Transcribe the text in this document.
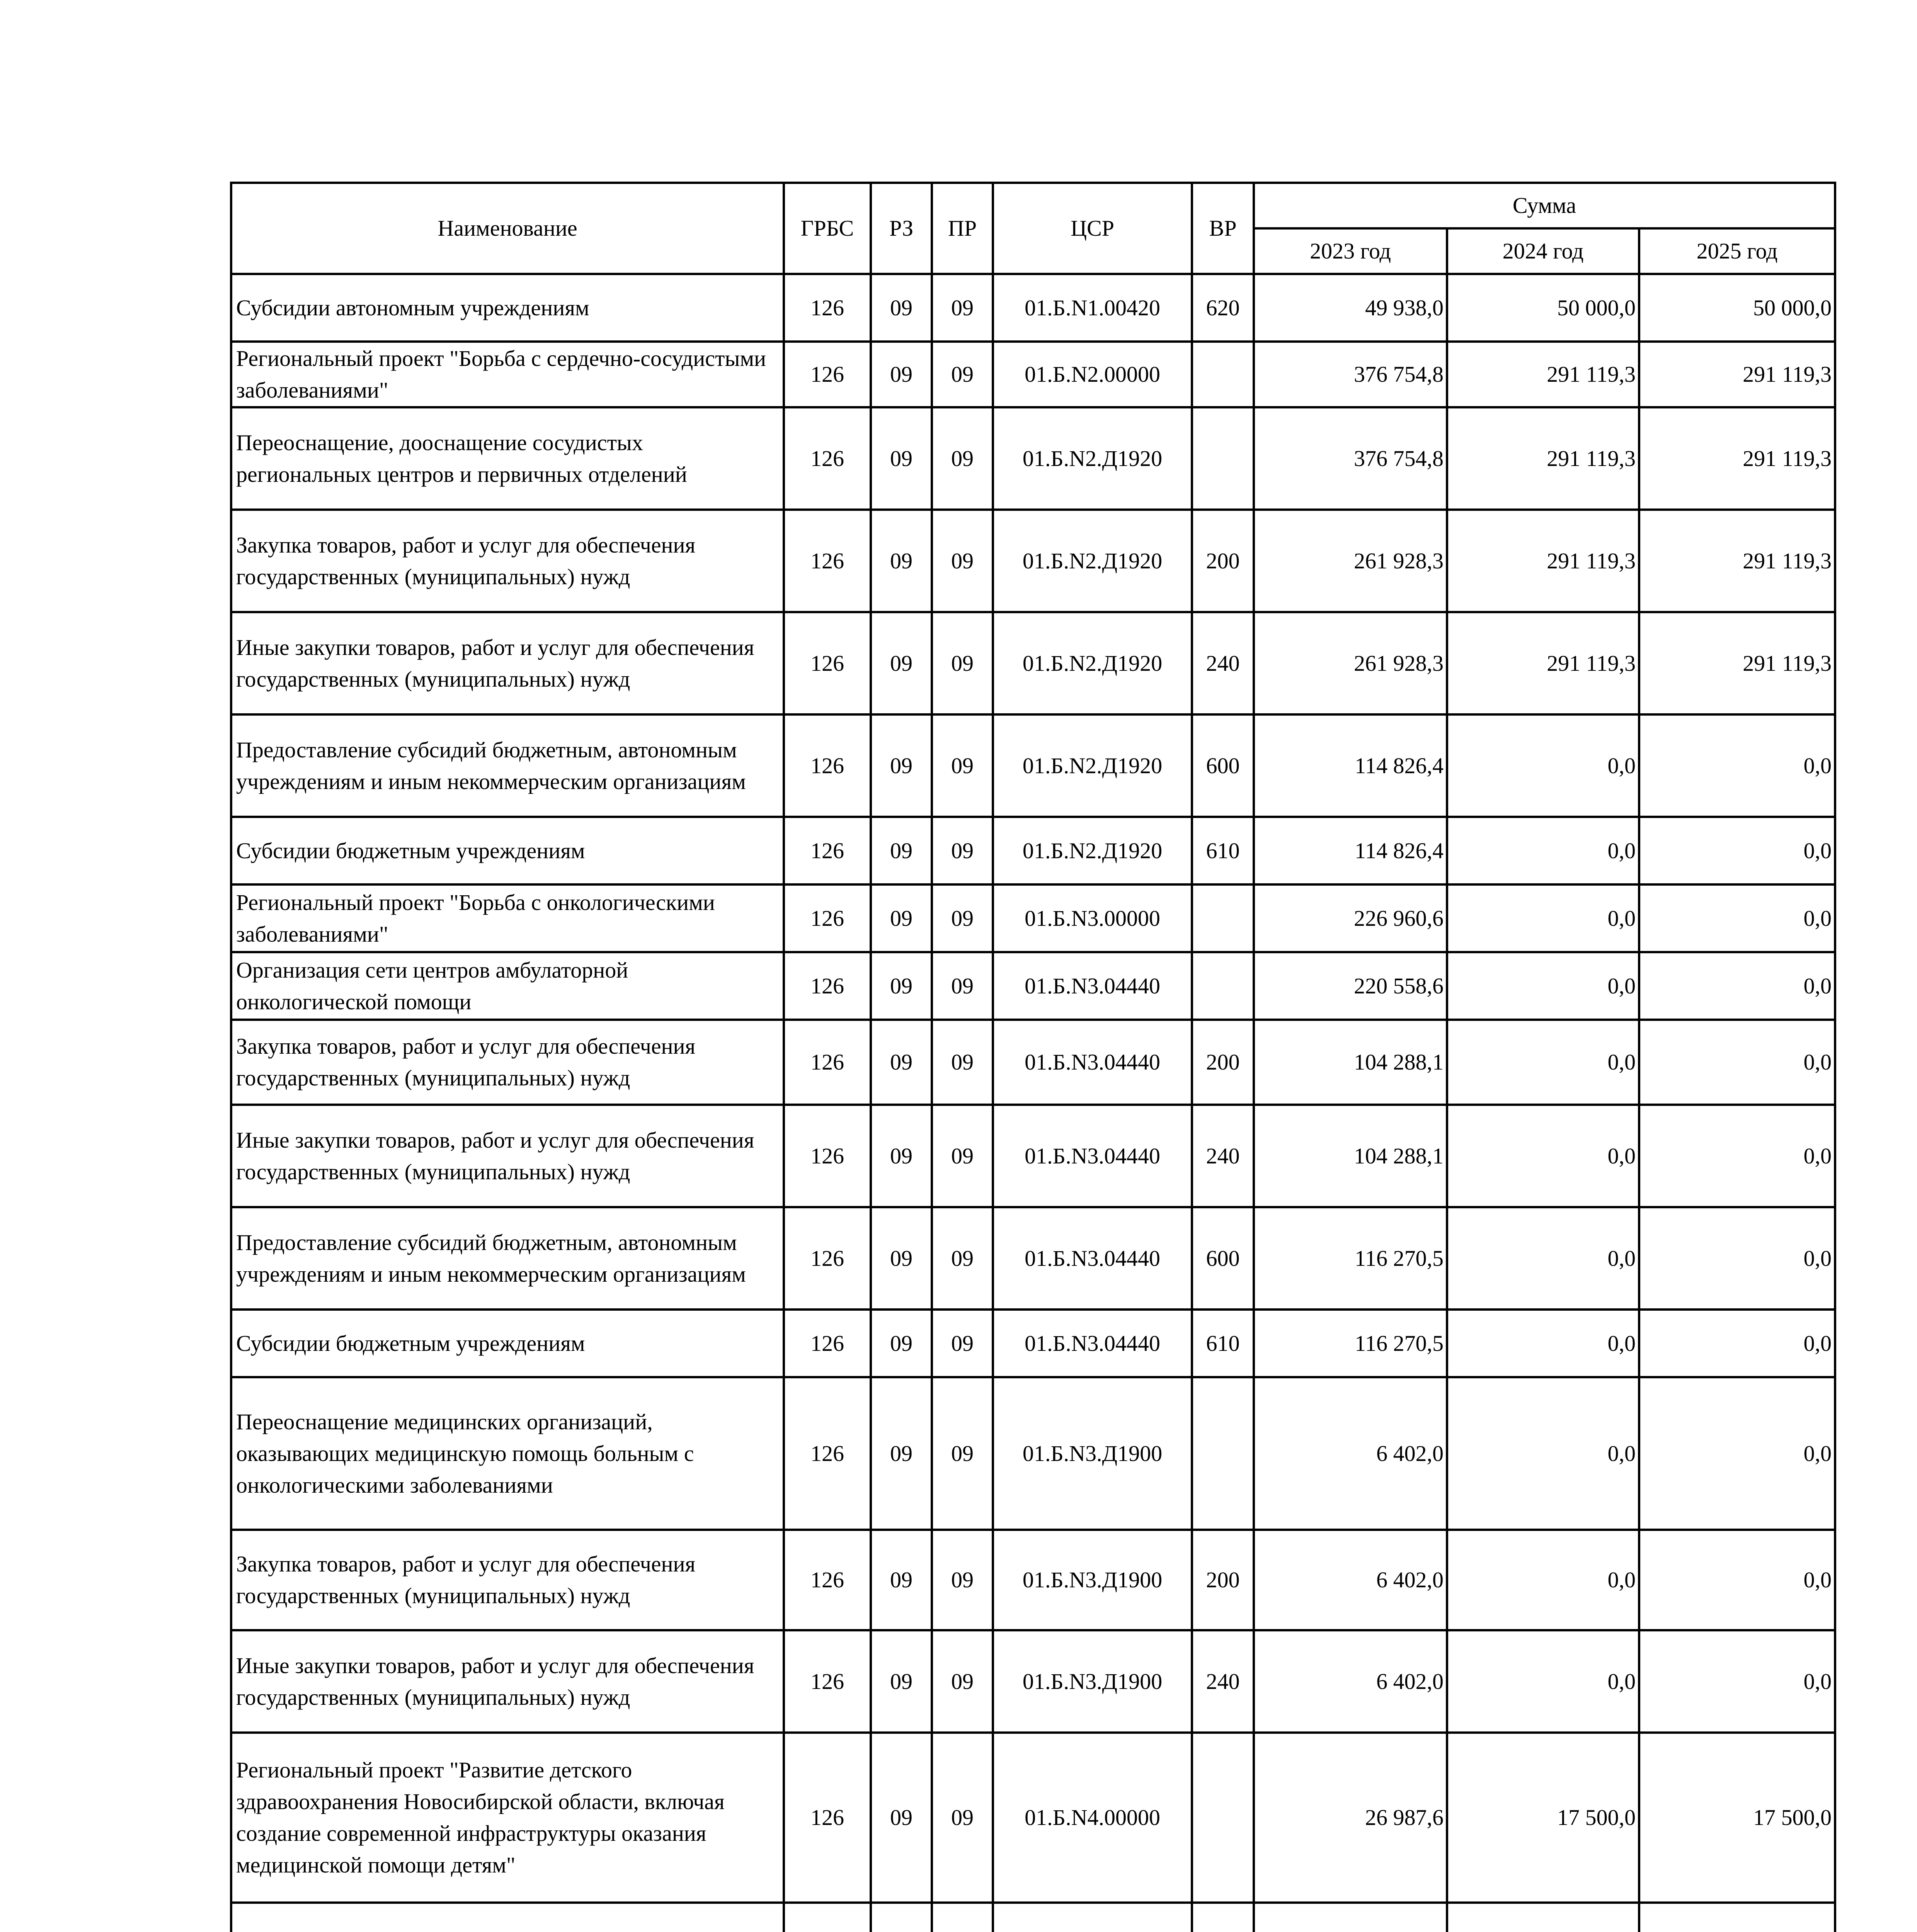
Наименование	ГРБС	РЗ	ПР	ЦСР	ВР	Сумма		
						2023 год	2024 год	2025 год
Субсидии автономным учреждениям	126	09	09	01.Б.N1.00420	620	49 938,0	50 000,0	50 000,0
Региональный проект "Борьба с сердечно-сосудистыми заболеваниями"	126	09	09	01.Б.N2.00000		376 754,8	291 119,3	291 119,3
Переоснащение, дооснащение сосудистых региональных центров и первичных отделений	126	09	09	01.Б.N2.Д1920		376 754,8	291 119,3	291 119,3
Закупка товаров, работ и услуг для обеспечения государственных (муниципальных) нужд	126	09	09	01.Б.N2.Д1920	200	261 928,3	291 119,3	291 119,3
Иные закупки товаров, работ и услуг для обеспечения государственных (муниципальных) нужд	126	09	09	01.Б.N2.Д1920	240	261 928,3	291 119,3	291 119,3
Предоставление субсидий бюджетным, автономным учреждениям и иным некоммерческим организациям	126	09	09	01.Б.N2.Д1920	600	114 826,4	0,0	0,0
Субсидии бюджетным учреждениям	126	09	09	01.Б.N2.Д1920	610	114 826,4	0,0	0,0
Региональный проект "Борьба с онкологическими заболеваниями"	126	09	09	01.Б.N3.00000		226 960,6	0,0	0,0
Организация сети центров амбулаторной онкологической помощи	126	09	09	01.Б.N3.04440		220 558,6	0,0	0,0
Закупка товаров, работ и услуг для обеспечения государственных (муниципальных) нужд	126	09	09	01.Б.N3.04440	200	104 288,1	0,0	0,0
Иные закупки товаров, работ и услуг для обеспечения государственных (муниципальных) нужд	126	09	09	01.Б.N3.04440	240	104 288,1	0,0	0,0
Предоставление субсидий бюджетным, автономным учреждениям и иным некоммерческим организациям	126	09	09	01.Б.N3.04440	600	116 270,5	0,0	0,0
Субсидии бюджетным учреждениям	126	09	09	01.Б.N3.04440	610	116 270,5	0,0	0,0
Переоснащение медицинских организаций, оказывающих медицинскую помощь больным с онкологическими заболеваниями	126	09	09	01.Б.N3.Д1900		6 402,0	0,0	0,0
Закупка товаров, работ и услуг для обеспечения государственных (муниципальных) нужд	126	09	09	01.Б.N3.Д1900	200	6 402,0	0,0	0,0
Иные закупки товаров, работ и услуг для обеспечения государственных (муниципальных) нужд	126	09	09	01.Б.N3.Д1900	240	6 402,0	0,0	0,0
Региональный проект "Развитие детского здравоохранения Новосибирской области, включая создание современной инфраструктуры оказания медицинской помощи детям"	126	09	09	01.Б.N4.00000		26 987,6	17 500,0	17 500,0
